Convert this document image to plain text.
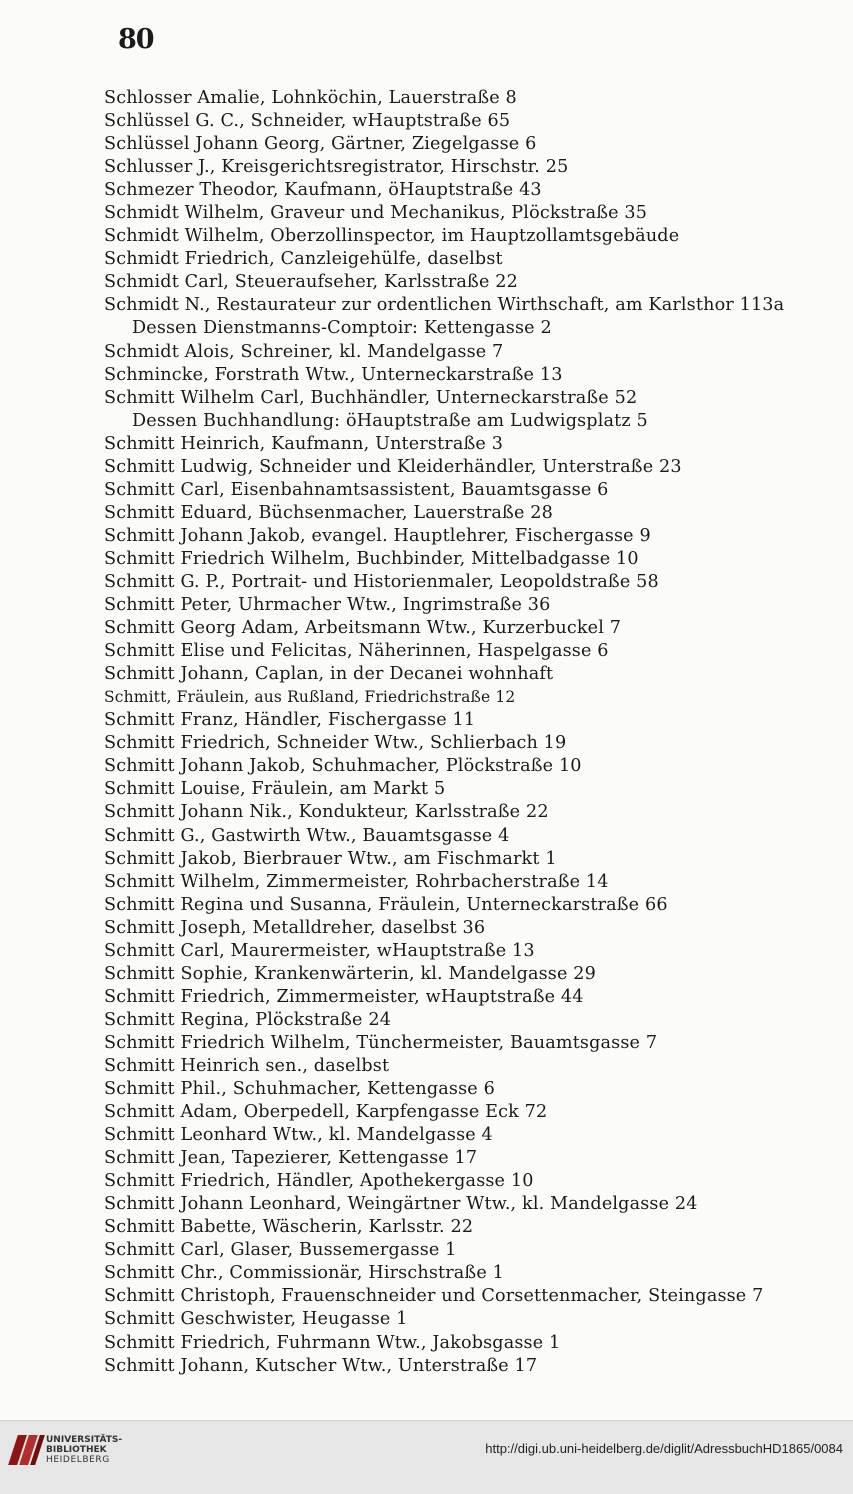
80
Schlosser Amalie, Lohnköchin, Lauerstraße 8
Schlüssel G. C., Schneider, wHauptstraße 65
Schlüssel Johann Georg, Gärtner, Ziegelgasse 6
Schlusser J., Kreisgerichtsregistrator, Hirschstr. 25
Schmezer Theodor, Kaufmann, öHauptstraße 43
Schmidt Wilhelm, Graveur und Mechanikus, Plöckstraße 35
Schmidt Wilhelm, Oberzollinspector, im Hauptzollamtsgebäude
Schmidt Friedrich, Canzleigehülfe, daselbst
Schmidt Carl, Steueraufseher, Karlsstraße 22
Schmidt N., Restaurateur zur ordentlichen Wirthschaft, am Karlsthor 113a
Dessen Dienstmanns-Comptoir: Kettengasse 2
Schmidt Alois, Schreiner, kl. Mandelgasse 7
Schmincke, Forstrath Wtw., Unterneckarstraße 13
Schmitt Wilhelm Carl, Buchhändler, Unterneckarstraße 52
Dessen Buchhandlung: öHauptstraße am Ludwigsplatz 5
Schmitt Heinrich, Kaufmann, Unterstraße 3
Schmitt Ludwig, Schneider und Kleiderhändler, Unterstraße 23
Schmitt Carl, Eisenbahnamtsassistent, Bauamtsgasse 6
Schmitt Eduard, Büchsenmacher, Lauerstraße 28
Schmitt Johann Jakob, evangel. Hauptlehrer, Fischergasse 9
Schmitt Friedrich Wilhelm, Buchbinder, Mittelbadgasse 10
Schmitt G. P., Portrait- und Historienmaler, Leopoldstraße 58
Schmitt Peter, Uhrmacher Wtw., Ingrimstraße 36
Schmitt Georg Adam, Arbeitsmann Wtw., Kurzerbuckel 7
Schmitt Elise und Felicitas, Näherinnen, Haspelgasse 6
Schmitt Johann, Caplan, in der Decanei wohnhaft
Schmitt, Fräulein, aus Rußland, Friedrichstraße 12
Schmitt Franz, Händler, Fischergasse 11
Schmitt Friedrich, Schneider Wtw., Schlierbach 19
Schmitt Johann Jakob, Schuhmacher, Plöckstraße 10
Schmitt Louise, Fräulein, am Markt 5
Schmitt Johann Nik., Kondukteur, Karlsstraße 22
Schmitt G., Gastwirth Wtw., Bauamtsgasse 4
Schmitt Jakob, Bierbrauer Wtw., am Fischmarkt 1
Schmitt Wilhelm, Zimmermeister, Rohrbacherstraße 14
Schmitt Regina und Susanna, Fräulein, Unterneckarstraße 66
Schmitt Joseph, Metalldreher, daselbst 36
Schmitt Carl, Maurermeister, wHauptstraße 13
Schmitt Sophie, Krankenwärterin, kl. Mandelgasse 29
Schmitt Friedrich, Zimmermeister, wHauptstraße 44
Schmitt Regina, Plöckstraße 24
Schmitt Friedrich Wilhelm, Tünchermeister, Bauamtsgasse 7
Schmitt Heinrich sen., daselbst
Schmitt Phil., Schuhmacher, Kettengasse 6
Schmitt Adam, Oberpedell, Karpfengasse Eck 72
Schmitt Leonhard Wtw., kl. Mandelgasse 4
Schmitt Jean, Tapezierer, Kettengasse 17
Schmitt Friedrich, Händler, Apothekergasse 10
Schmitt Johann Leonhard, Weingärtner Wtw., kl. Mandelgasse 24
Schmitt Babette, Wäscherin, Karlsstr. 22
Schmitt Carl, Glaser, Bussemergasse 1
Schmitt Chr., Commissionär, Hirschstraße 1
Schmitt Christoph, Frauenschneider und Corsettenmacher, Steingasse 7
Schmitt Geschwister, Heugasse 1
Schmitt Friedrich, Fuhrmann Wtw., Jakobsgasse 1
Schmitt Johann, Kutscher Wtw., Unterstraße 17
UNIVERSITÄTS-
BIBLIOTHEK
HEIDELBERG
http://digi.ub.uni-heidelberg.de/diglit/AdressbuchHD1865/0084
